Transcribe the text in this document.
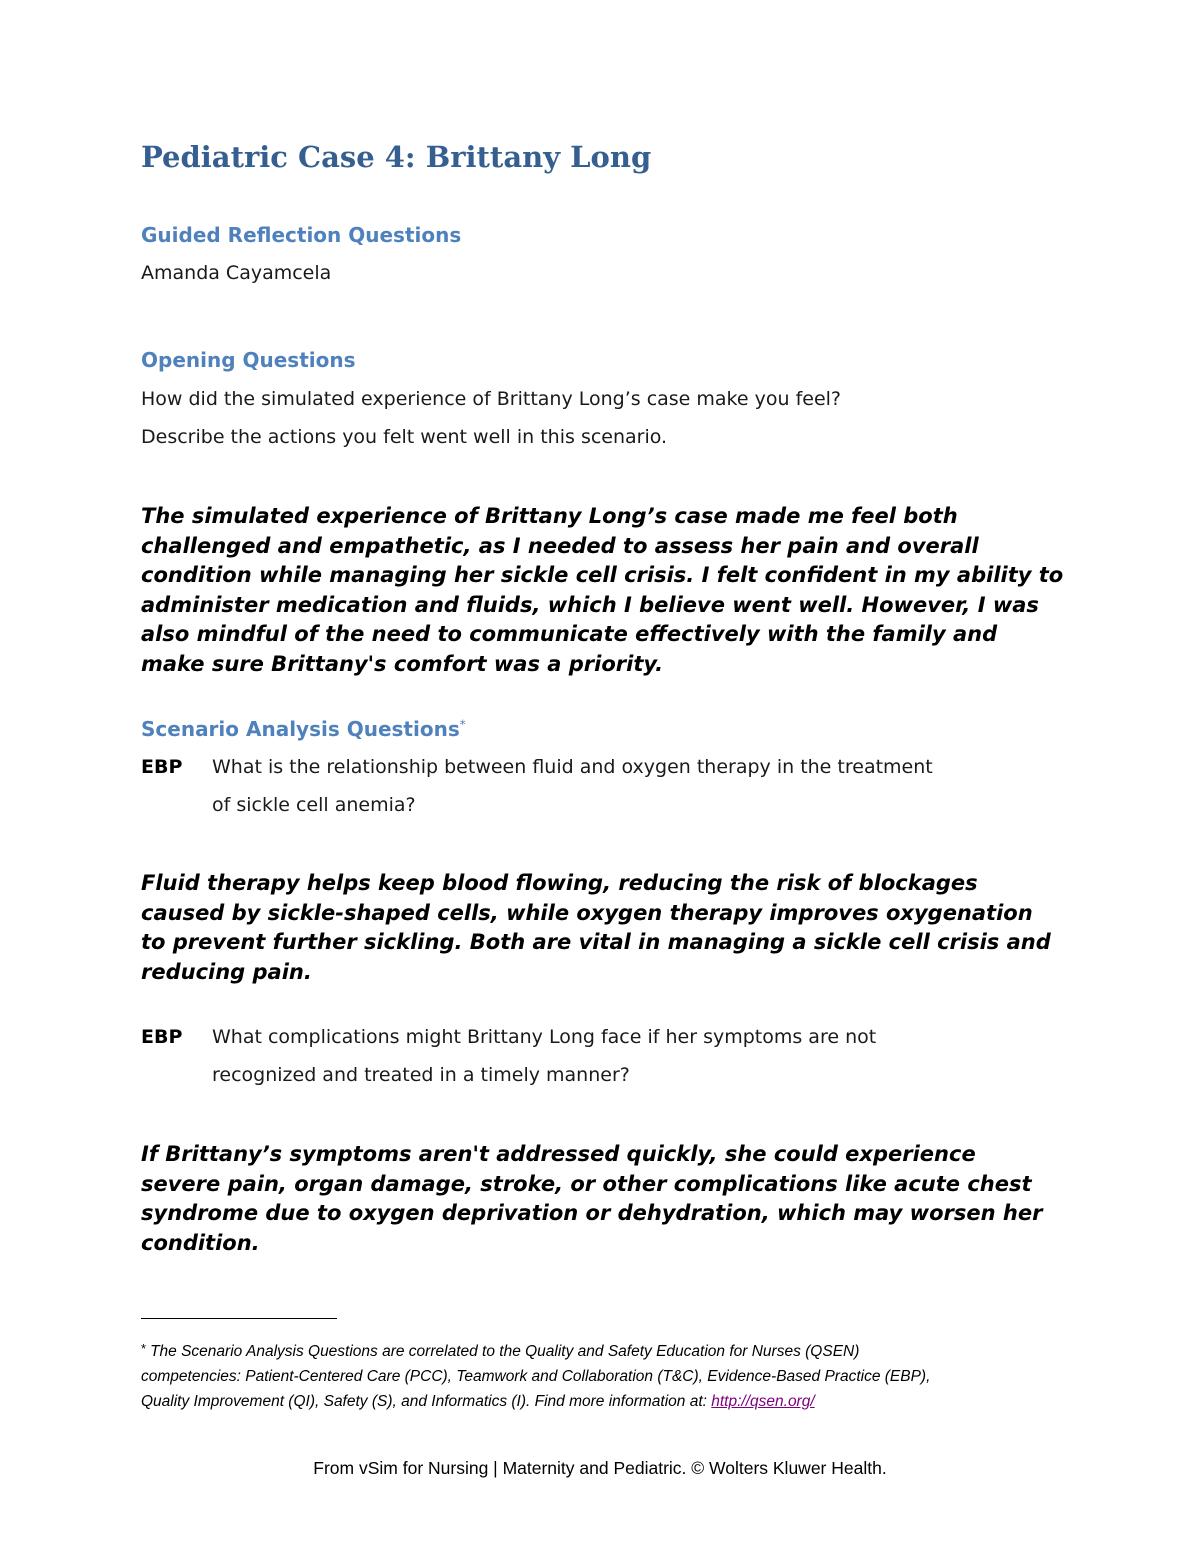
Pediatric Case 4: Brittany Long
Guided Reflection Questions

Amanda Cayamcela

Opening Questions

How did the simulated experience of Brittany Long’s case make you feel?

Describe the actions you felt went well in this scenario.

The simulated experience of Brittany Long’s case made me feel both
challenged and empathetic, as I needed to assess her pain and overall
condition while managing her sickle cell crisis. I felt confident in my ability to
administer medication and fluids, which I believe went well. However, I was
also mindful of the need to communicate effectively with the family and
make sure Brittany's comfort was a priority.
Scenario Analysis Questions*

EBP What is the relationship between fluid and oxygen therapy in the treatment
of sickle cell anemia?
Fluid therapy helps keep blood flowing, reducing the risk of blockages
caused by sickle-shaped cells, while oxygen therapy improves oxygenation
to prevent further sickling. Both are vital in managing a sickle cell crisis and
reducing pain.

EBP What complications might Brittany Long face if her symptoms are not
recognized and treated in a timely manner?
If Brittany’s symptoms aren't addressed quickly, she could experience
severe pain, organ damage, stroke, or other complications like acute chest
syndrome due to oxygen deprivation or dehydration, which may worsen her
condition.
* The Scenario Analysis Questions are correlated to the Quality and Safety Education for Nurses (QSEN)
competencies: Patient-Centered Care (PCC), Teamwork and Collaboration (T&C), Evidence-Based Practice (EBP),
Quality Improvement (QI), Safety (S), and Informatics (I). Find more information at: http://qsen.org/

From vSim for Nursing | Maternity and Pediatric. © Wolters Kluwer Health.
